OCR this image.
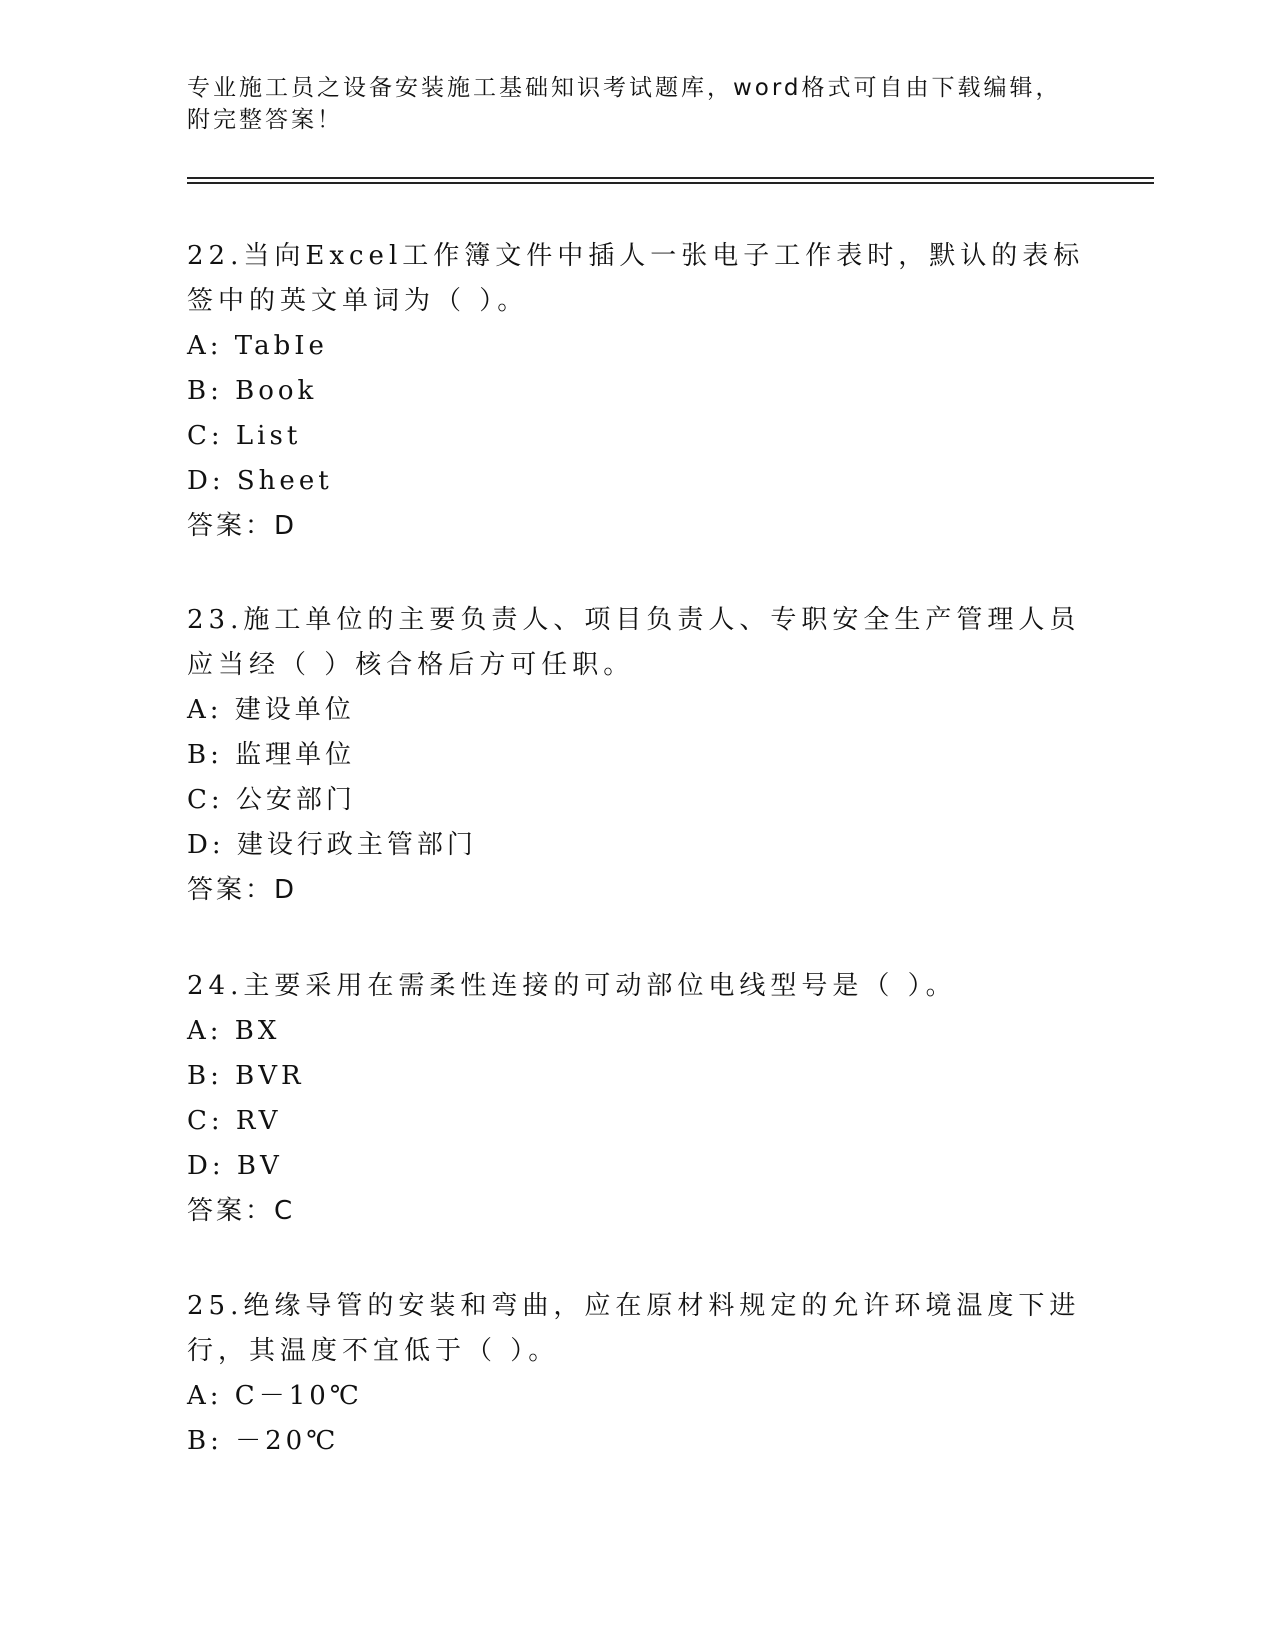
专业施工员之设备安装施工基础知识考试题库，word格式可自由下载编辑，附完整答案！

22.当向Excel工作簿文件中插人一张电子工作表时，默认的表标签中的英文单词为（ ）。

A: TabIe

B: Book

C: List

D: Sheet

答案：D

23.施工单位的主要负责人、项目负责人、专职安全生产管理人员应当经（ ）核合格后方可任职。

A: 建设单位

B: 监理单位

C: 公安部门

D: 建设行政主管部门

答案：D

24.主要采用在需柔性连接的可动部位电线型号是（ ）。

A: BX

B: BVR

C: RV

D: BV

答案：C

25.绝缘导管的安装和弯曲，应在原材料规定的允许环境温度下进行，其温度不宜低于（ ）。

A: C－10℃

B: －20℃
